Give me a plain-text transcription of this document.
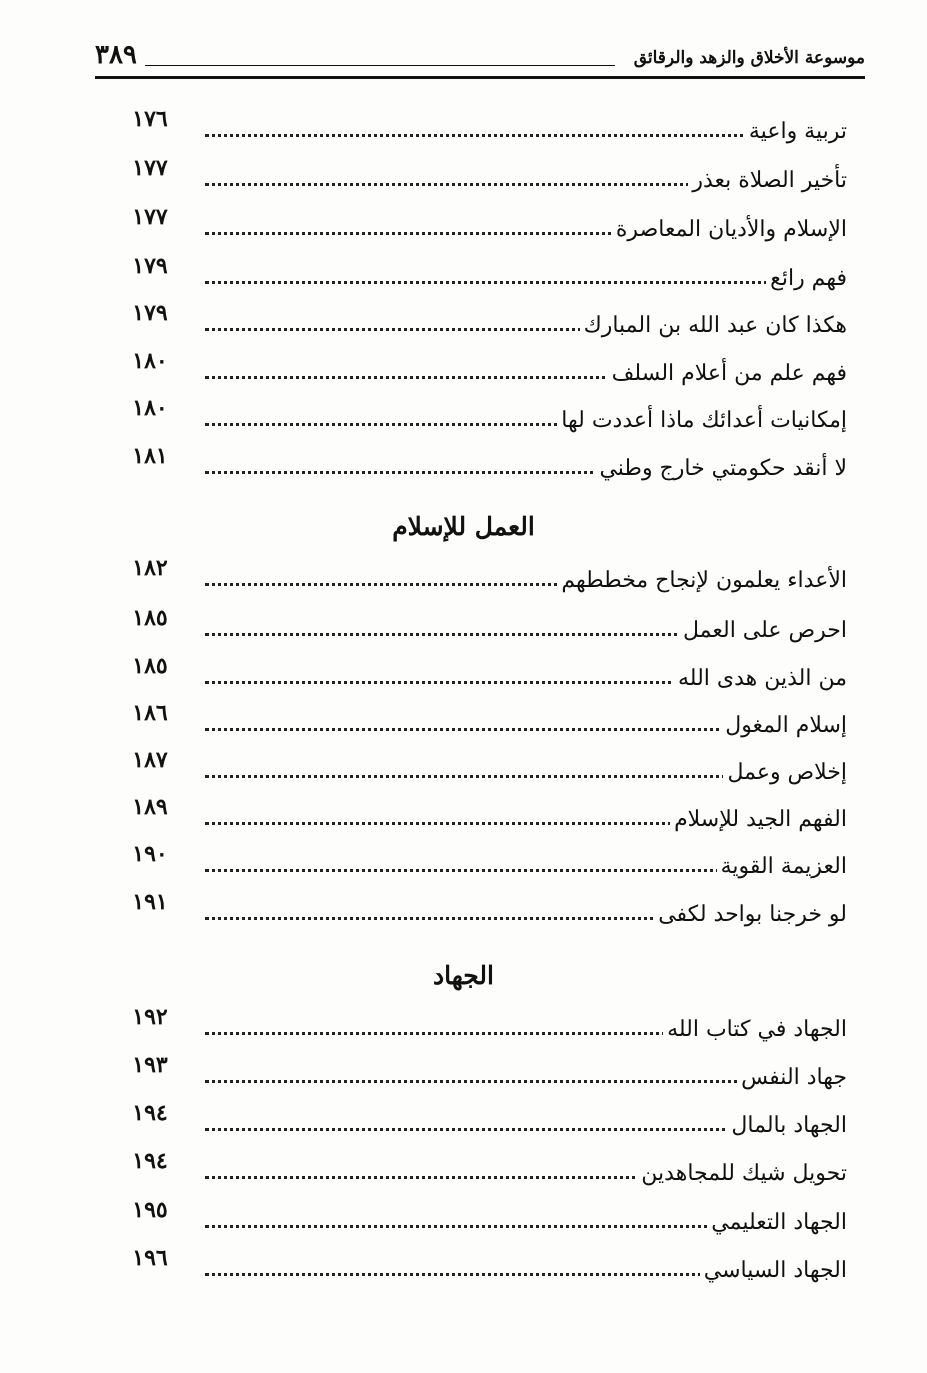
موسوعة الأخلاق والزهد والرقائق
٣٨٩
تربية واعية
١٧٦
تأخير الصلاة بعذر
١٧٧
الإسلام والأديان المعاصرة
١٧٧
فهم رائع
١٧٩
هكذا كان عبد الله بن المبارك
١٧٩
فهم علم من أعلام السلف
١٨٠
إمكانيات أعدائك ماذا أعددت لها
١٨٠
لا أنقد حكومتي خارج وطني
١٨١
العمل للإسلام
الأعداء يعلمون لإنجاح مخططهم
١٨٢
احرص على العمل
١٨٥
من الذين هدى الله
١٨٥
إسلام المغول
١٨٦
إخلاص وعمل
١٨٧
الفهم الجيد للإسلام
١٨٩
العزيمة القوية
١٩٠
لو خرجنا بواحد لكفى
١٩١
الجهاد
الجهاد في كتاب الله
١٩٢
جهاد النفس
١٩٣
الجهاد بالمال
١٩٤
تحويل شيك للمجاهدين
١٩٤
الجهاد التعليمي
١٩٥
الجهاد السياسي
١٩٦
